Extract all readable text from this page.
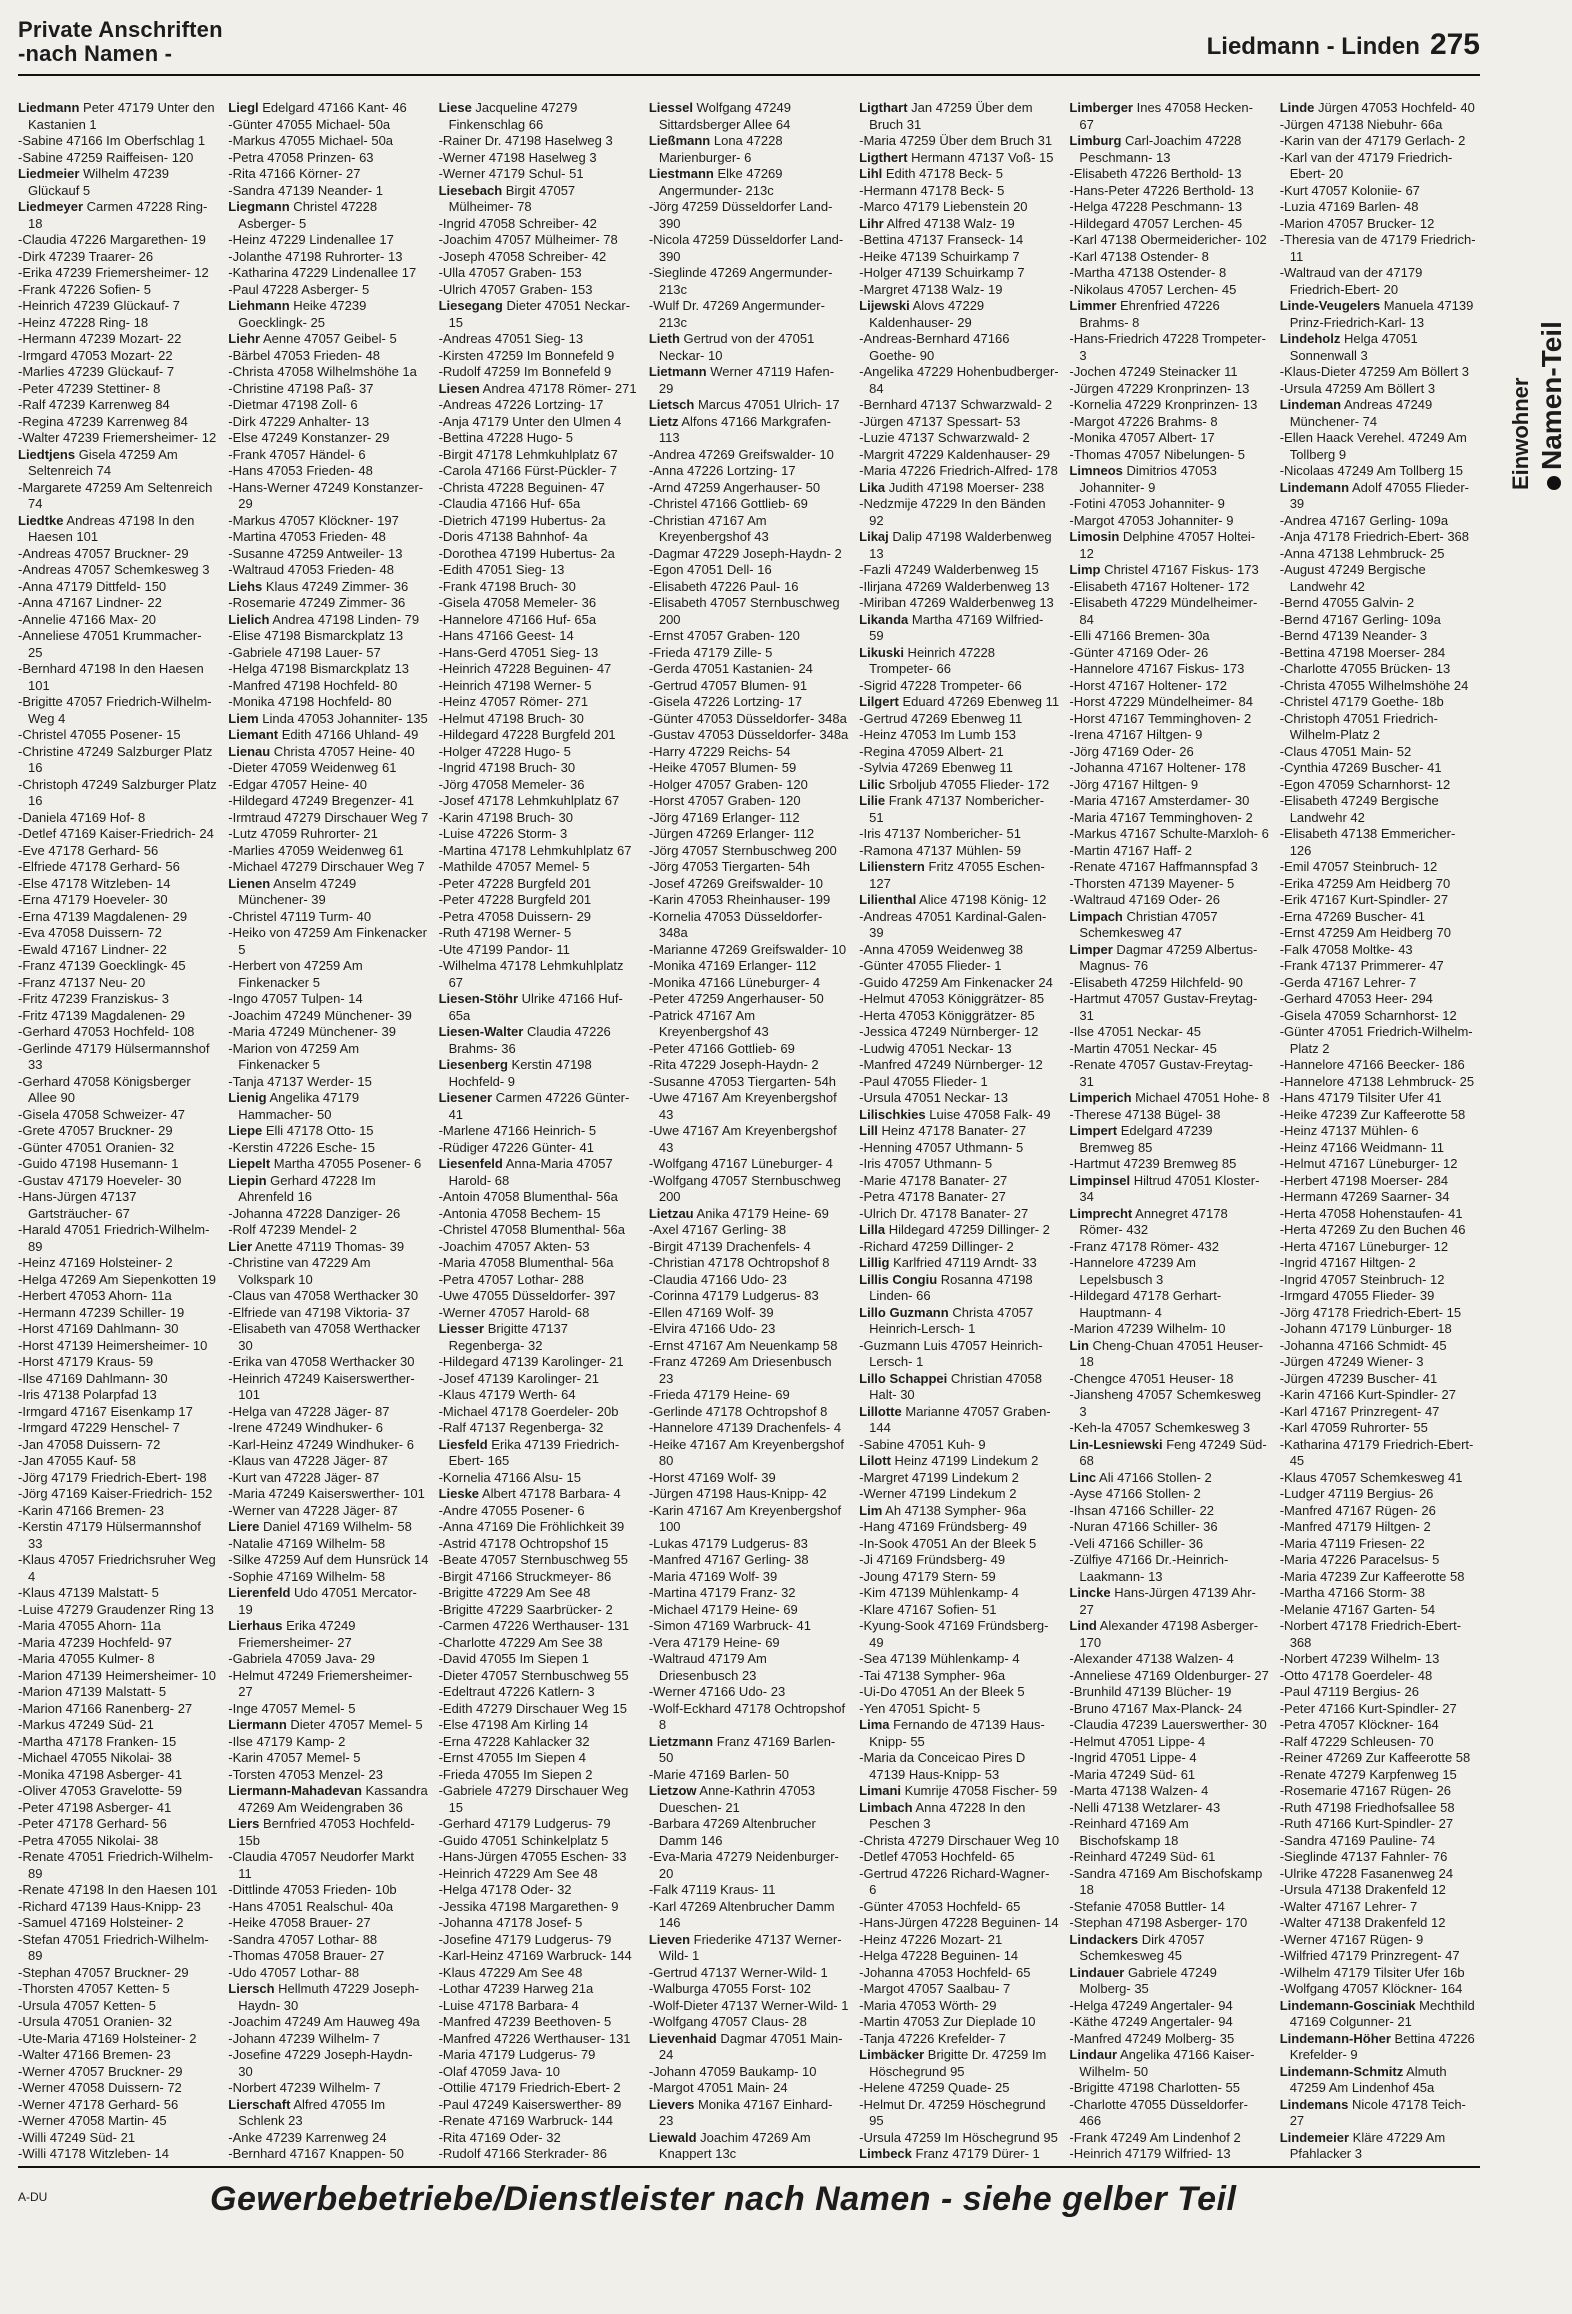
Private Anschriften
-nach Namen -	Liedmann - Linden 275
Einwohner Namen-Teil

Liedmann Peter 47179 Unter den Kastanien 1

-Sabine 47166 Im Oberfschlag 1

-Sabine 47259 Raiffeisen- 120

Liedmeier Wilhelm 47239 Glückauf 5

Liedmeyer Carmen 47228 Ring- 18

-Claudia 47226 Margarethen- 19

-Dirk 47239 Traarer- 26

-Erika 47239 Friemersheimer- 12

-Frank 47226 Sofien- 5

-Heinrich 47239 Glückauf- 7

-Heinz 47228 Ring- 18

-Hermann 47239 Mozart- 22

-Irmgard 47053 Mozart- 22

-Marlies 47239 Glückauf- 7

-Peter 47239 Stettiner- 8

-Ralf 47239 Karrenweg 84

-Regina 47239 Karrenweg 84

-Walter 47239 Friemersheimer- 12

Liedtjens Gisela 47259 Am Seltenreich 74

-Margarete 47259 Am Seltenreich 74

Liedtke Andreas 47198 In den Haesen 101

-Andreas 47057 Bruckner- 29

-Andreas 47057 Schemkesweg 3

-Anna 47179 Dittfeld- 150

-Anna 47167 Lindner- 22

-Annelie 47166 Max- 20

-Anneliese 47051 Krummacher- 25

-Bernhard 47198 In den Haesen 101

-Brigitte 47057 Friedrich-Wilhelm-Weg 4

-Christel 47055 Posener- 15

-Christine 47249 Salzburger Platz 16

-Christoph 47249 Salzburger Platz 16

-Daniela 47169 Hof- 8

-Detlef 47169 Kaiser-Friedrich- 24

-Eve 47178 Gerhard- 56

-Elfriede 47178 Gerhard- 56

-Else 47178 Witzleben- 14

-Erna 47179 Hoeveler- 30

-Erna 47139 Magdalenen- 29

-Eva 47058 Duissern- 72

-Ewald 47167 Lindner- 22

-Franz 47139 Goecklingk- 45

-Franz 47137 Neu- 20

-Fritz 47239 Franziskus- 3

-Fritz 47139 Magdalenen- 29

-Gerhard 47053 Hochfeld- 108

-Gerlinde 47179 Hülsermannshof 33

-Gerhard 47058 Königsberger Allee 90

-Gisela 47058 Schweizer- 47

-Grete 47057 Bruckner- 29

-Günter 47051 Oranien- 32

-Guido 47198 Husemann- 1

-Gustav 47179 Hoeveler- 30

-Hans-Jürgen 47137 Gartsträucher- 67

-Harald 47051 Friedrich-Wilhelm- 89

-Heinz 47169 Holsteiner- 2

-Helga 47269 Am Siepenkotten 19

-Herbert 47053 Ahorn- 11a

-Hermann 47239 Schiller- 19

-Horst 47169 Dahlmann- 30

-Horst 47139 Heimersheimer- 10

-Horst 47179 Kraus- 59

-Ilse 47169 Dahlmann- 30

-Iris 47138 Polarpfad 13

-Irmgard 47167 Eisenkamp 17

-Irmgard 47229 Henschel- 7

-Jan 47058 Duissern- 72

-Jan 47055 Kauf- 58

-Jörg 47179 Friedrich-Ebert- 198

-Jörg 47169 Kaiser-Friedrich- 152

-Karin 47166 Bremen- 23

-Kerstin 47179 Hülsermannshof 33

-Klaus 47057 Friedrichsruher Weg 4

-Klaus 47139 Malstatt- 5

-Luise 47279 Graudenzer Ring 13

-Maria 47055 Ahorn- 11a

-Maria 47239 Hochfeld- 97

-Maria 47055 Kulmer- 8

-Marion 47139 Heimersheimer- 10

-Marion 47139 Malstatt- 5

-Marion 47166 Ranenberg- 27

-Markus 47249 Süd- 21

-Martha 47178 Franken- 15

-Michael 47055 Nikolai- 38

-Monika 47198 Asberger- 41

-Oliver 47053 Gravelotte- 59

-Peter 47198 Asberger- 41

-Peter 47178 Gerhard- 56

-Petra 47055 Nikolai- 38

-Renate 47051 Friedrich-Wilhelm- 89

-Renate 47198 In den Haesen 101

-Richard 47139 Haus-Knipp- 23

-Samuel 47169 Holsteiner- 2

-Stefan 47051 Friedrich-Wilhelm- 89

-Stephan 47057 Bruckner- 29

-Thorsten 47057 Ketten- 5

-Ursula 47057 Ketten- 5

-Ursula 47051 Oranien- 32

-Ute-Maria 47169 Holsteiner- 2

-Walter 47166 Bremen- 23

-Werner 47057 Bruckner- 29

-Werner 47058 Duissern- 72

-Werner 47178 Gerhard- 56

-Werner 47058 Martin- 45

-Willi 47249 Süd- 21

-Willi 47178 Witzleben- 14

Liegl Edelgard 47166 Kant- 46

-Günter 47055 Michael- 50a

-Markus 47055 Michael- 50a

-Petra 47058 Prinzen- 63

-Rita 47166 Körner- 27

-Sandra 47139 Neander- 1

Liegmann Christel 47228 Asberger- 5

-Heinz 47229 Lindenallee 17

-Jolanthe 47198 Ruhrorter- 13

-Katharina 47229 Lindenallee 17

-Paul 47228 Asberger- 5

Liehmann Heike 47239 Goecklingk- 25

Liehr Aenne 47057 Geibel- 5

-Bärbel 47053 Frieden- 48

-Christa 47058 Wilhelmshöhe 1a

-Christine 47198 Paß- 37

-Dietmar 47198 Zoll- 6

-Dirk 47229 Anhalter- 13

-Else 47249 Konstanzer- 29

-Frank 47057 Händel- 6

-Hans 47053 Frieden- 48

-Hans-Werner 47249 Konstanzer- 29

-Markus 47057 Klöckner- 197

-Martina 47053 Frieden- 48

-Susanne 47259 Antweiler- 13

-Waltraud 47053 Frieden- 48

Liehs Klaus 47249 Zimmer- 36

-Rosemarie 47249 Zimmer- 36

Lielich Andrea 47198 Linden- 79

-Elise 47198 Bismarckplatz 13

-Gabriele 47198 Lauer- 57

-Helga 47198 Bismarckplatz 13

-Manfred 47198 Hochfeld- 80

-Monika 47198 Hochfeld- 80

Liem Linda 47053 Johanniter- 135

Liemant Edith 47166 Uhland- 49

Lienau Christa 47057 Heine- 40

-Dieter 47059 Weidenweg 61

-Edgar 47057 Heine- 40

-Hildegard 47249 Bregenzer- 41

-Irmtraud 47279 Dirschauer Weg 7

-Lutz 47059 Ruhrorter- 21

-Marlies 47059 Weidenweg 61

-Michael 47279 Dirschauer Weg 7

Lienen Anselm 47249 Münchener- 39

-Christel 47119 Turm- 40

-Heiko von 47259 Am Finkenacker 5

-Herbert von 47259 Am Finkenacker 5

-Ingo 47057 Tulpen- 14

-Joachim 47249 Münchener- 39

-Maria 47249 Münchener- 39

-Marion von 47259 Am Finkenacker 5

-Tanja 47137 Werder- 15

Lienig Angelika 47179 Hammacher- 50

Liepe Elli 47178 Otto- 15

-Kerstin 47226 Esche- 15

Liepelt Martha 47055 Posener- 6

Liepin Gerhard 47228 Im Ahrenfeld 16

-Johanna 47228 Danziger- 26

-Rolf 47239 Mendel- 2

Lier Anette 47119 Thomas- 39

-Christine van 47229 Am Volkspark 10

-Claus van 47058 Werthacker 30

-Elfriede van 47198 Viktoria- 37

-Elisabeth van 47058 Werthacker 30

-Erika van 47058 Werthacker 30

-Heinrich 47249 Kaiserswerther- 101

-Helga van 47228 Jäger- 87

-Irene 47249 Windhuker- 6

-Karl-Heinz 47249 Windhuker- 6

-Klaus van 47228 Jäger- 87

-Kurt van 47228 Jäger- 87

-Maria 47249 Kaiserswerther- 101

-Werner van 47228 Jäger- 87

Liere Daniel 47169 Wilhelm- 58

-Natalie 47169 Wilhelm- 58

-Silke 47259 Auf dem Hunsrück 14

-Sophie 47169 Wilhelm- 58

Lierenfeld Udo 47051 Mercator- 19

Lierhaus Erika 47249 Friemersheimer- 27

-Gabriela 47059 Java- 29

-Helmut 47249 Friemersheimer- 27

-Inge 47057 Memel- 5

Liermann Dieter 47057 Memel- 5

-Ilse 47179 Kamp- 2

-Karin 47057 Memel- 5

-Torsten 47053 Menzel- 23

Liermann-Mahadevan Kassandra 47269 Am Weidengraben 36

Liers Bernfried 47053 Hochfeld- 15b

-Claudia 47057 Neudorfer Markt 11

-Dittlinde 47053 Frieden- 10b

-Hans 47051 Realschul- 40a

-Heike 47058 Brauer- 27

-Sandra 47057 Lothar- 88

-Thomas 47058 Brauer- 27

-Udo 47057 Lothar- 88

Liersch Hellmuth 47229 Joseph-Haydn- 30

-Joachim 47249 Am Hauweg 49a

-Johann 47239 Wilhelm- 7

-Josefine 47229 Joseph-Haydn- 30

-Norbert 47239 Wilhelm- 7

Lierschaft Alfred 47055 Im Schlenk 23

-Anke 47239 Karrenweg 24

-Bernhard 47167 Knappen- 50

Liese Jacqueline 47279 Finkenschlag 66

-Rainer Dr. 47198 Haselweg 3

-Werner 47198 Haselweg 3

-Werner 47179 Schul- 51

Liesebach Birgit 47057 Mülheimer- 78

-Ingrid 47058 Schreiber- 42

-Joachim 47057 Mülheimer- 78

-Joseph 47058 Schreiber- 42

-Ulla 47057 Graben- 153

-Ulrich 47057 Graben- 153

Liesegang Dieter 47051 Neckar- 15

-Andreas 47051 Sieg- 13

-Kirsten 47259 Im Bonnefeld 9

-Rudolf 47259 Im Bonnefeld 9

Liesen Andrea 47178 Römer- 271

-Andreas 47226 Lortzing- 17

-Anja 47179 Unter den Ulmen 4

-Bettina 47228 Hugo- 5

-Birgit 47178 Lehmkuhlplatz 67

-Carola 47166 Fürst-Pückler- 7

-Christa 47228 Beguinen- 47

-Claudia 47166 Huf- 65a

-Dietrich 47199 Hubertus- 2a

-Doris 47138 Bahnhof- 4a

-Dorothea 47199 Hubertus- 2a

-Edith 47051 Sieg- 13

-Frank 47198 Bruch- 30

-Gisela 47058 Memeler- 36

-Hannelore 47166 Huf- 65a

-Hans 47166 Geest- 14

-Hans-Gerd 47051 Sieg- 13

-Heinrich 47228 Beguinen- 47

-Heinrich 47198 Werner- 5

-Heinz 47057 Römer- 271

-Helmut 47198 Bruch- 30

-Hildegard 47228 Burgfeld 201

-Holger 47228 Hugo- 5

-Ingrid 47198 Bruch- 30

-Jörg 47058 Memeler- 36

-Josef 47178 Lehmkuhlplatz 67

-Karin 47198 Bruch- 30

-Luise 47226 Storm- 3

-Martina 47178 Lehmkuhlplatz 67

-Mathilde 47057 Memel- 5

-Peter 47228 Burgfeld 201

-Peter 47228 Burgfeld 201

-Petra 47058 Duissern- 29

-Ruth 47198 Werner- 5

-Ute 47199 Pandor- 11

-Wilhelma 47178 Lehmkuhlplatz 67

Liesen-Stöhr Ulrike 47166 Huf- 65a

Liesen-Walter Claudia 47226 Brahms- 36

Liesenberg Kerstin 47198 Hochfeld- 9

Liesener Carmen 47226 Günter- 41

-Marlene 47166 Heinrich- 5

-Rüdiger 47226 Günter- 41

Liesenfeld Anna-Maria 47057 Harold- 68

-Antoin 47058 Blumenthal- 56a

-Antonia 47058 Bechem- 15

-Christel 47058 Blumenthal- 56a

-Joachim 47057 Akten- 53

-Maria 47058 Blumenthal- 56a

-Petra 47057 Lothar- 288

-Uwe 47055 Düsseldorfer- 397

-Werner 47057 Harold- 68

Liesser Brigitte 47137 Regenberga- 32

-Hildegard 47139 Karolinger- 21

-Josef 47139 Karolinger- 21

-Klaus 47179 Werth- 64

-Michael 47178 Goerdeler- 20b

-Ralf 47137 Regenberga- 32

Liesfeld Erika 47139 Friedrich-Ebert- 165

-Kornelia 47166 Alsu- 15

Lieske Albert 47178 Barbara- 4

-Andre 47055 Posener- 6

-Anna 47169 Die Fröhlichkeit 39

-Astrid 47178 Ochtropshof 15

-Beate 47057 Sternbuschweg 55

-Birgit 47166 Struckmeyer- 86

-Brigitte 47229 Am See 48

-Brigitte 47229 Saarbrücker- 2

-Carmen 47226 Werthauser- 131

-Charlotte 47229 Am See 38

-David 47055 Im Siepen 1

-Dieter 47057 Sternbuschweg 55

-Edeltraut 47226 Katlern- 3

-Edith 47279 Dirschauer Weg 15

-Else 47198 Am Kirling 14

-Erna 47228 Kahlacker 32

-Ernst 47055 Im Siepen 4

-Frieda 47055 Im Siepen 2

-Gabriele 47279 Dirschauer Weg 15

-Gerhard 47179 Ludgerus- 79

-Guido 47051 Schinkelplatz 5

-Hans-Jürgen 47055 Eschen- 33

-Heinrich 47229 Am See 48

-Helga 47178 Oder- 32

-Jessika 47198 Margarethen- 9

-Johanna 47178 Josef- 5

-Josefine 47179 Ludgerus- 79

-Karl-Heinz 47169 Warbruck- 144

-Klaus 47229 Am See 48

-Lothar 47239 Harweg 21a

-Luise 47178 Barbara- 4

-Manfred 47239 Beethoven- 5

-Manfred 47226 Werthauser- 131

-Maria 47179 Ludgerus- 79

-Olaf 47059 Java- 10

-Ottilie 47179 Friedrich-Ebert- 2

-Paul 47249 Kaiserswerther- 89

-Renate 47169 Warbruck- 144

-Rita 47169 Oder- 32

-Rudolf 47166 Sterkrader- 86

Liessel Wolfgang 47249 Sittardsberger Allee 64

Ließmann Lona 47228 Marienburger- 6

Liestmann Elke 47269 Angermunder- 213c

-Jörg 47259 Düsseldorfer Land- 390

-Nicola 47259 Düsseldorfer Land- 390

-Sieglinde 47269 Angermunder- 213c

-Wulf Dr. 47269 Angermunder- 213c

Lieth Gertrud von der 47051 Neckar- 10

Lietmann Werner 47119 Hafen- 29

Lietsch Marcus 47051 Ulrich- 17

Lietz Alfons 47166 Markgrafen- 113

-Andrea 47269 Greifswalder- 10

-Anna 47226 Lortzing- 17

-Arnd 47259 Angerhauser- 50

-Christel 47166 Gottlieb- 69

-Christian 47167 Am Kreyenbergshof 43

-Dagmar 47229 Joseph-Haydn- 2

-Egon 47051 Dell- 16

-Elisabeth 47226 Paul- 16

-Elisabeth 47057 Sternbuschweg 200

-Ernst 47057 Graben- 120

-Frieda 47179 Zille- 5

-Gerda 47051 Kastanien- 24

-Gertrud 47057 Blumen- 91

-Gisela 47226 Lortzing- 17

-Günter 47053 Düsseldorfer- 348a

-Gustav 47053 Düsseldorfer- 348a

-Harry 47229 Reichs- 54

-Heike 47057 Blumen- 59

-Holger 47057 Graben- 120

-Horst 47057 Graben- 120

-Jörg 47169 Erlanger- 112

-Jürgen 47269 Erlanger- 112

-Jörg 47057 Sternbuschweg 200

-Jörg 47053 Tiergarten- 54h

-Josef 47269 Greifswalder- 10

-Karin 47053 Rheinhauser- 199

-Kornelia 47053 Düsseldorfer- 348a

-Marianne 47269 Greifswalder- 10

-Monika 47169 Erlanger- 112

-Monika 47166 Lüneburger- 4

-Peter 47259 Angerhauser- 50

-Patrick 47167 Am Kreyenbergshof 43

-Peter 47166 Gottlieb- 69

-Rita 47229 Joseph-Haydn- 2

-Susanne 47053 Tiergarten- 54h

-Uwe 47167 Am Kreyenbergshof 43

-Uwe 47167 Am Kreyenbergshof 43

-Wolfgang 47167 Lüneburger- 4

-Wolfgang 47057 Sternbuschweg 200

Lietzau Anika 47179 Heine- 69

-Axel 47167 Gerling- 38

-Birgit 47139 Drachenfels- 4

-Christian 47178 Ochtropshof 8

-Claudia 47166 Udo- 23

-Corinna 47179 Ludgerus- 83

-Ellen 47169 Wolf- 39

-Elvira 47166 Udo- 23

-Ernst 47167 Am Neuenkamp 58

-Franz 47269 Am Driesenbusch 23

-Frieda 47179 Heine- 69

-Gerlinde 47178 Ochtropshof 8

-Hannelore 47139 Drachenfels- 4

-Heike 47167 Am Kreyenbergshof 80

-Horst 47169 Wolf- 39

-Jürgen 47198 Haus-Knipp- 42

-Karin 47167 Am Kreyenbergshof 100

-Lukas 47179 Ludgerus- 83

-Manfred 47167 Gerling- 38

-Maria 47169 Wolf- 39

-Martina 47179 Franz- 32

-Michael 47179 Heine- 69

-Simon 47169 Warbruck- 41

-Vera 47179 Heine- 69

-Waltraud 47179 Am Driesenbusch 23

-Werner 47166 Udo- 23

-Wolf-Eckhard 47178 Ochtropshof 8

Lietzmann Franz 47169 Barlen- 50

-Marie 47169 Barlen- 50

Lietzow Anne-Kathrin 47053 Dueschen- 21

-Barbara 47269 Altenbrucher Damm 146

-Eva-Maria 47279 Neidenburger- 20

-Falk 47119 Kraus- 11

-Karl 47269 Altenbrucher Damm 146

Lieven Friederike 47137 Werner-Wild- 1

-Gertrud 47137 Werner-Wild- 1

-Walburga 47055 Forst- 102

-Wolf-Dieter 47137 Werner-Wild- 1

-Wolfgang 47057 Claus- 28

Lievenhaid Dagmar 47051 Main- 24

-Johann 47059 Baukamp- 10

-Margot 47051 Main- 24

Lievers Monika 47167 Einhard- 23

Liewald Joachim 47269 Am Knappert 13c

Ligthart Jan 47259 Über dem Bruch 31

-Maria 47259 Über dem Bruch 31

Ligthert Hermann 47137 Voß- 15

Lihl Edith 47178 Beck- 5

-Hermann 47178 Beck- 5

-Marco 47179 Liebenstein 20

Lihr Alfred 47138 Walz- 19

-Bettina 47137 Franseck- 14

-Heike 47139 Schuirkamp 7

-Holger 47139 Schuirkamp 7

-Margret 47138 Walz- 19

Lijewski Alovs 47229 Kaldenhauser- 29

-Andreas-Bernhard 47166 Goethe- 90

-Angelika 47229 Hohenbudberger- 84

-Bernhard 47137 Schwarzwald- 2

-Jürgen 47137 Spessart- 53

-Luzie 47137 Schwarzwald- 2

-Margrit 47229 Kaldenhauser- 29

-Maria 47226 Friedrich-Alfred- 178

Lika Judith 47198 Moerser- 238

-Nedzmije 47229 In den Bänden 92

Likaj Dalip 47198 Walderbenweg 13

-Fazli 47249 Walderbenweg 15

-Ilirjana 47269 Walderbenweg 13

-Miriban 47269 Walderbenweg 13

Likanda Martha 47169 Wilfried- 59

Likuski Heinrich 47228 Trompeter- 66

-Sigrid 47228 Trompeter- 66

Lilgert Eduard 47269 Ebenweg 11

-Gertrud 47269 Ebenweg 11

-Heinz 47053 Im Lumb 153

-Regina 47059 Albert- 21

-Sylvia 47269 Ebenweg 11

Lilic Srboljub 47055 Flieder- 172

Lilie Frank 47137 Nombericher- 51

-Iris 47137 Nombericher- 51

-Ramona 47137 Mühlen- 59

Lilienstern Fritz 47055 Eschen- 127

Lilienthal Alice 47198 König- 12

-Andreas 47051 Kardinal-Galen- 39

-Anna 47059 Weidenweg 38

-Günter 47055 Flieder- 1

-Guido 47259 Am Finkenacker 24

-Helmut 47053 Königgrätzer- 85

-Herta 47053 Königgrätzer- 85

-Jessica 47249 Nürnberger- 12

-Ludwig 47051 Neckar- 13

-Manfred 47249 Nürnberger- 12

-Paul 47055 Flieder- 1

-Ursula 47051 Neckar- 13

Lilischkies Luise 47058 Falk- 49

Lill Heinz 47178 Banater- 27

-Henning 47057 Uthmann- 5

-Iris 47057 Uthmann- 5

-Marie 47178 Banater- 27

-Petra 47178 Banater- 27

-Ulrich Dr. 47178 Banater- 27

Lilla Hildegard 47259 Dillinger- 2

-Richard 47259 Dillinger- 2

Lillig Karlfried 47119 Arndt- 33

Lillis Congiu Rosanna 47198 Linden- 66

Lillo Guzmann Christa 47057 Heinrich-Lersch- 1

-Guzmann Luis 47057 Heinrich-Lersch- 1

Lillo Schappei Christian 47058 Halt- 30

Lillotte Marianne 47057 Graben- 144

-Sabine 47051 Kuh- 9

Lilott Heinz 47199 Lindekum 2

-Margret 47199 Lindekum 2

-Werner 47199 Lindekum 2

Lim Ah 47138 Sympher- 96a

-Hang 47169 Fründsberg- 49

-In-Sook 47051 An der Bleek 5

-Ji 47169 Fründsberg- 49

-Joung 47179 Stern- 59

-Kim 47139 Mühlenkamp- 4

-Klare 47167 Sofien- 51

-Kyung-Sook 47169 Fründsberg- 49

-Sea 47139 Mühlenkamp- 4

-Tai 47138 Sympher- 96a

-Ui-Do 47051 An der Bleek 5

-Yen 47051 Spicht- 5

Lima Fernando de 47139 Haus-Knipp- 55

-Maria da Conceicao Pires D 47139 Haus-Knipp- 53

Limani Kumrije 47058 Fischer- 59

Limbach Anna 47228 In den Peschen 3

-Christa 47279 Dirschauer Weg 10

-Detlef 47053 Hochfeld- 65

-Gertrud 47226 Richard-Wagner- 6

-Günter 47053 Hochfeld- 65

-Hans-Jürgen 47228 Beguinen- 14

-Heinz 47226 Mozart- 21

-Helga 47228 Beguinen- 14

-Johanna 47053 Hochfeld- 65

-Margot 47057 Saalbau- 7

-Maria 47053 Wörth- 29

-Martin 47053 Zur Dieplade 10

-Tanja 47226 Krefelder- 7

Limbäcker Brigitte Dr. 47259 Im Höschegrund 95

-Helene 47259 Quade- 25

-Helmut Dr. 47259 Höschegrund 95

-Ursula 47259 Im Höschegrund 95

Limbeck Franz 47179 Dürer- 1

Limberger Ines 47058 Hecken- 67

Limburg Carl-Joachim 47228 Peschmann- 13

-Elisabeth 47226 Berthold- 13

-Hans-Peter 47226 Berthold- 13

-Helga 47228 Peschmann- 13

-Hildegard 47057 Lerchen- 45

-Karl 47138 Obermeidericher- 102

-Karl 47138 Ostender- 8

-Martha 47138 Ostender- 8

-Nikolaus 47057 Lerchen- 45

Limmer Ehrenfried 47226 Brahms- 8

-Hans-Friedrich 47228 Trompeter- 3

-Jochen 47249 Steinacker 11

-Jürgen 47229 Kronprinzen- 13

-Kornelia 47229 Kronprinzen- 13

-Margot 47226 Brahms- 8

-Monika 47057 Albert- 17

-Thomas 47057 Nibelungen- 5

Limneos Dimitrios 47053 Johanniter- 9

-Fotini 47053 Johanniter- 9

-Margot 47053 Johanniter- 9

Limosin Delphine 47057 Holtei- 12

Limp Christel 47167 Fiskus- 173

-Elisabeth 47167 Holtener- 172

-Elisabeth 47229 Mündelheimer- 84

-Elli 47166 Bremen- 30a

-Günter 47169 Oder- 26

-Hannelore 47167 Fiskus- 173

-Horst 47167 Holtener- 172

-Horst 47229 Mündelheimer- 84

-Horst 47167 Temminghoven- 2

-Irena 47167 Hiltgen- 9

-Jörg 47169 Oder- 26

-Johanna 47167 Holtener- 178

-Jörg 47167 Hiltgen- 9

-Maria 47167 Amsterdamer- 30

-Maria 47167 Temminghoven- 2

-Markus 47167 Schulte-Marxloh- 6

-Martin 47167 Haff- 2

-Renate 47167 Haffmannspfad 3

-Thorsten 47139 Mayener- 5

-Waltraud 47169 Oder- 26

Limpach Christian 47057 Schemkesweg 47

Limper Dagmar 47259 Albertus-Magnus- 76

-Elisabeth 47259 Hilchfeld- 90

-Hartmut 47057 Gustav-Freytag- 31

-Ilse 47051 Neckar- 45

-Martin 47051 Neckar- 45

-Renate 47057 Gustav-Freytag- 31

Limperich Michael 47051 Hohe- 8

-Therese 47138 Bügel- 38

Limpert Edelgard 47239 Bremweg 85

-Hartmut 47239 Bremweg 85

Limpinsel Hiltrud 47051 Kloster- 34

Limprecht Annegret 47178 Römer- 432

-Franz 47178 Römer- 432

-Hannelore 47239 Am Lepelsbusch 3

-Hildegard 47178 Gerhart-Hauptmann- 4

-Marion 47239 Wilhelm- 10

Lin Cheng-Chuan 47051 Heuser- 18

-Chengce 47051 Heuser- 18

-Jiansheng 47057 Schemkesweg 3

-Keh-la 47057 Schemkesweg 3

Lin-Lesniewski Feng 47249 Süd- 68

Linc Ali 47166 Stollen- 2

-Ayse 47166 Stollen- 2

-Ihsan 47166 Schiller- 22

-Nuran 47166 Schiller- 36

-Veli 47166 Schiller- 36

-Zülfiye 47166 Dr.-Heinrich-Laakmann- 13

Lincke Hans-Jürgen 47139 Ahr- 27

Lind Alexander 47198 Asberger- 170

-Alexander 47138 Walzen- 4

-Anneliese 47169 Oldenburger- 27

-Brunhild 47139 Blücher- 19

-Bruno 47167 Max-Planck- 24

-Claudia 47239 Lauerswerther- 30

-Helmut 47051 Lippe- 4

-Ingrid 47051 Lippe- 4

-Maria 47249 Süd- 61

-Marta 47138 Walzen- 4

-Nelli 47138 Wetzlarer- 43

-Reinhard 47169 Am Bischofskamp 18

-Reinhard 47249 Süd- 61

-Sandra 47169 Am Bischofskamp 18

-Stefanie 47058 Buttler- 14

-Stephan 47198 Asberger- 170

Lindackers Dirk 47057 Schemkesweg 45

Lindauer Gabriele 47249 Molberg- 35

-Helga 47249 Angertaler- 94

-Käthe 47249 Angertaler- 94

-Manfred 47249 Molberg- 35

Lindaur Angelika 47166 Kaiser-Wilhelm- 50

-Brigitte 47198 Charlotten- 55

-Charlotte 47055 Düsseldorfer- 466

-Frank 47249 Am Lindenhof 2

-Heinrich 47179 Wilfried- 13

Linde Jürgen 47053 Hochfeld- 40

-Jürgen 47138 Niebuhr- 66a

-Karin van der 47179 Gerlach- 2

-Karl van der 47179 Friedrich-Ebert- 20

-Kurt 47057 Koloniie- 67

-Luzia 47169 Barlen- 48

-Marion 47057 Brucker- 12

-Theresia van de 47179 Friedrich- 11

-Waltraud van der 47179 Friedrich-Ebert- 20

Linde-Veugelers Manuela 47139 Prinz-Friedrich-Karl- 13

Lindeholz Helga 47051 Sonnenwall 3

-Klaus-Dieter 47259 Am Böllert 3

-Ursula 47259 Am Böllert 3

Lindeman Andreas 47249 Münchener- 74

-Ellen Haack Verehel. 47249 Am Tollberg 9

-Nicolaas 47249 Am Tollberg 15

Lindemann Adolf 47055 Flieder- 39

-Andrea 47167 Gerling- 109a

-Anja 47178 Friedrich-Ebert- 368

-Anna 47138 Lehmbruck- 25

-August 47249 Bergische Landwehr 42

-Bernd 47055 Galvin- 2

-Bernd 47167 Gerling- 109a

-Bernd 47139 Neander- 3

-Bettina 47198 Moerser- 284

-Charlotte 47055 Brücken- 13

-Christa 47055 Wilhelmshöhe 24

-Christel 47179 Goethe- 18b

-Christoph 47051 Friedrich-Wilhelm-Platz 2

-Claus 47051 Main- 52

-Cynthia 47269 Buscher- 41

-Egon 47059 Scharnhorst- 12

-Elisabeth 47249 Bergische Landwehr 42

-Elisabeth 47138 Emmericher- 126

-Emil 47057 Steinbruch- 12

-Erika 47259 Am Heidberg 70

-Erik 47167 Kurt-Spindler- 27

-Erna 47269 Buscher- 41

-Ernst 47259 Am Heidberg 70

-Falk 47058 Moltke- 43

-Frank 47137 Primmerer- 47

-Gerda 47167 Lehrer- 7

-Gerhard 47053 Heer- 294

-Gisela 47059 Scharnhorst- 12

-Günter 47051 Friedrich-Wilhelm-Platz 2

-Hannelore 47166 Beecker- 186

-Hannelore 47138 Lehmbruck- 25

-Hans 47179 Tilsiter Ufer 41

-Heike 47239 Zur Kaffeerotte 58

-Heinz 47137 Mühlen- 6

-Heinz 47166 Weidmann- 11

-Helmut 47167 Lüneburger- 12

-Herbert 47198 Moerser- 284

-Hermann 47269 Saarner- 34

-Herta 47058 Hohenstaufen- 41

-Herta 47269 Zu den Buchen 46

-Herta 47167 Lüneburger- 12

-Ingrid 47167 Hiltgen- 2

-Ingrid 47057 Steinbruch- 12

-Irmgard 47055 Flieder- 39

-Jörg 47178 Friedrich-Ebert- 15

-Johann 47179 Lünburger- 18

-Johanna 47166 Schmidt- 45

-Jürgen 47249 Wiener- 3

-Jürgen 47239 Buscher- 41

-Karin 47166 Kurt-Spindler- 27

-Karl 47167 Prinzregent- 47

-Karl 47059 Ruhrorter- 55

-Katharina 47179 Friedrich-Ebert- 45

-Klaus 47057 Schemkesweg 41

-Ludger 47119 Bergius- 26

-Manfred 47167 Rügen- 26

-Manfred 47179 Hiltgen- 2

-Maria 47119 Friesen- 22

-Maria 47226 Paracelsus- 5

-Maria 47239 Zur Kaffeerotte 58

-Martha 47166 Storm- 38

-Melanie 47167 Garten- 54

-Norbert 47178 Friedrich-Ebert- 368

-Norbert 47239 Wilhelm- 13

-Otto 47178 Goerdeler- 48

-Paul 47119 Bergius- 26

-Peter 47166 Kurt-Spindler- 27

-Petra 47057 Klöckner- 164

-Ralf 47229 Schleusen- 70

-Reiner 47269 Zur Kaffeerotte 58

-Renate 47279 Karpfenweg 15

-Rosemarie 47167 Rügen- 26

-Ruth 47198 Friedhofsallee 58

-Ruth 47166 Kurt-Spindler- 27

-Sandra 47169 Pauline- 74

-Sieglinde 47137 Fahnler- 76

-Ulrike 47228 Fasanenweg 24

-Ursula 47138 Drakenfeld 12

-Walter 47167 Lehrer- 7

-Walter 47138 Drakenfeld 12

-Werner 47167 Rügen- 9

-Wilfried 47179 Prinzregent- 47

-Wilhelm 47179 Tilsiter Ufer 16b

-Wolfgang 47057 Klöckner- 164

Lindemann-Gosciniak Mechthild 47169 Colgunner- 21

Lindemann-Höher Bettina 47226 Krefelder- 9

Lindemann-Schmitz Almuth 47259 Am Lindenhof 45a

Lindemans Nicole 47178 Teich- 27

Lindemeier Kläre 47229 Am Pfahlacker 3

A-DU	Gewerbebetriebe/Dienstleister nach Namen - siehe gelber Teil
